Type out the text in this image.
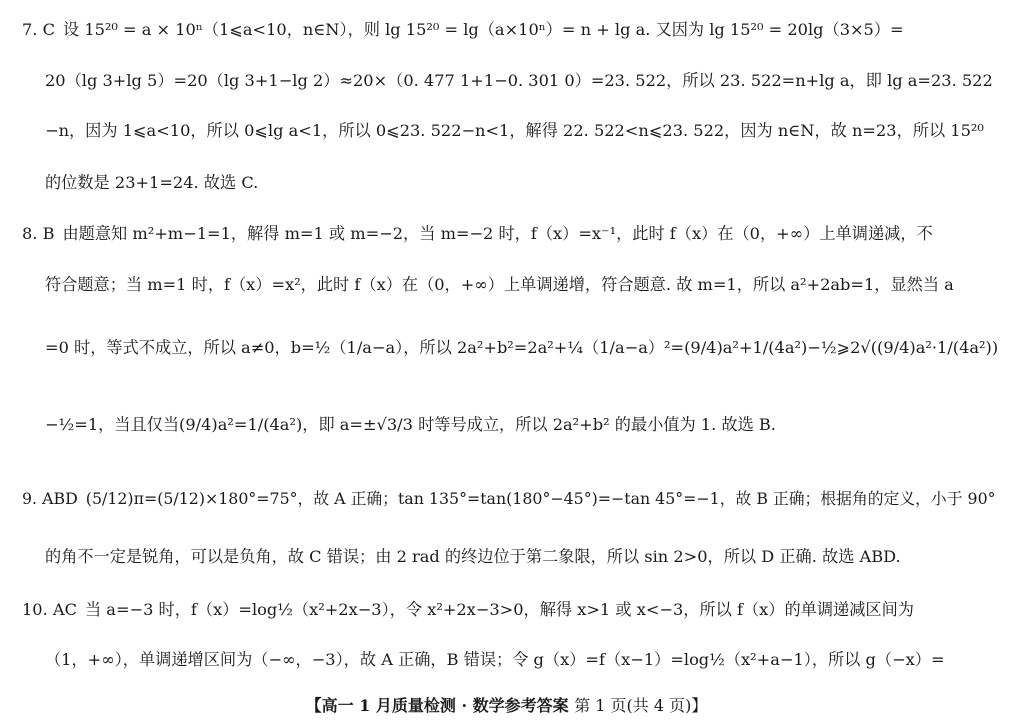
7. C 设 15²⁰ = a × 10ⁿ（1⩽a<10，n∈N），则 lg 15²⁰ = lg（a×10ⁿ）= n + lg a. 又因为 lg 15²⁰ = 20lg（3×5）=
20（lg 3+lg 5）=20（lg 3+1−lg 2）≈20×（0. 477 1+1−0. 301 0）=23. 522，所以 23. 522=n+lg a，即 lg a=23. 522
−n，因为 1⩽a<10，所以 0⩽lg a<1，所以 0⩽23. 522−n<1，解得 22. 522<n⩽23. 522，因为 n∈N，故 n=23，所以 15²⁰
的位数是 23+1=24. 故选 C.
8. B 由题意知 m²+m−1=1，解得 m=1 或 m=−2，当 m=−2 时，f（x）=x⁻¹，此时 f（x）在（0，+∞）上单调递减，不
符合题意；当 m=1 时，f（x）=x²，此时 f（x）在（0，+∞）上单调递增，符合题意. 故 m=1，所以 a²+2ab=1，显然当 a
=0 时，等式不成立，所以 a≠0，b=½（1/a−a），所以 2a²+b²=2a²+¼（1/a−a）²=(9/4)a²+1/(4a²)−½⩾2√((9/4)a²·1/(4a²))
−½=1，当且仅当(9/4)a²=1/(4a²)，即 a=±√3/3 时等号成立，所以 2a²+b² 的最小值为 1. 故选 B.
9. ABD (5/12)π=(5/12)×180°=75°，故 A 正确；tan 135°=tan(180°−45°)=−tan 45°=−1，故 B 正确；根据角的定义，小于 90°
的角不一定是锐角，可以是负角，故 C 错误；由 2 rad 的终边位于第二象限，所以 sin 2>0，所以 D 正确. 故选 ABD.
10. AC 当 a=−3 时，f（x）=log½（x²+2x−3），令 x²+2x−3>0，解得 x>1 或 x<−3，所以 f（x）的单调递减区间为
（1，+∞），单调递增区间为（−∞，−3），故 A 正确，B 错误；令 g（x）=f（x−1）=log½（x²+a−1），所以 g（−x）=
【高一 1 月质量检测 · 数学参考答案 第 1 页(共 4 页)】
